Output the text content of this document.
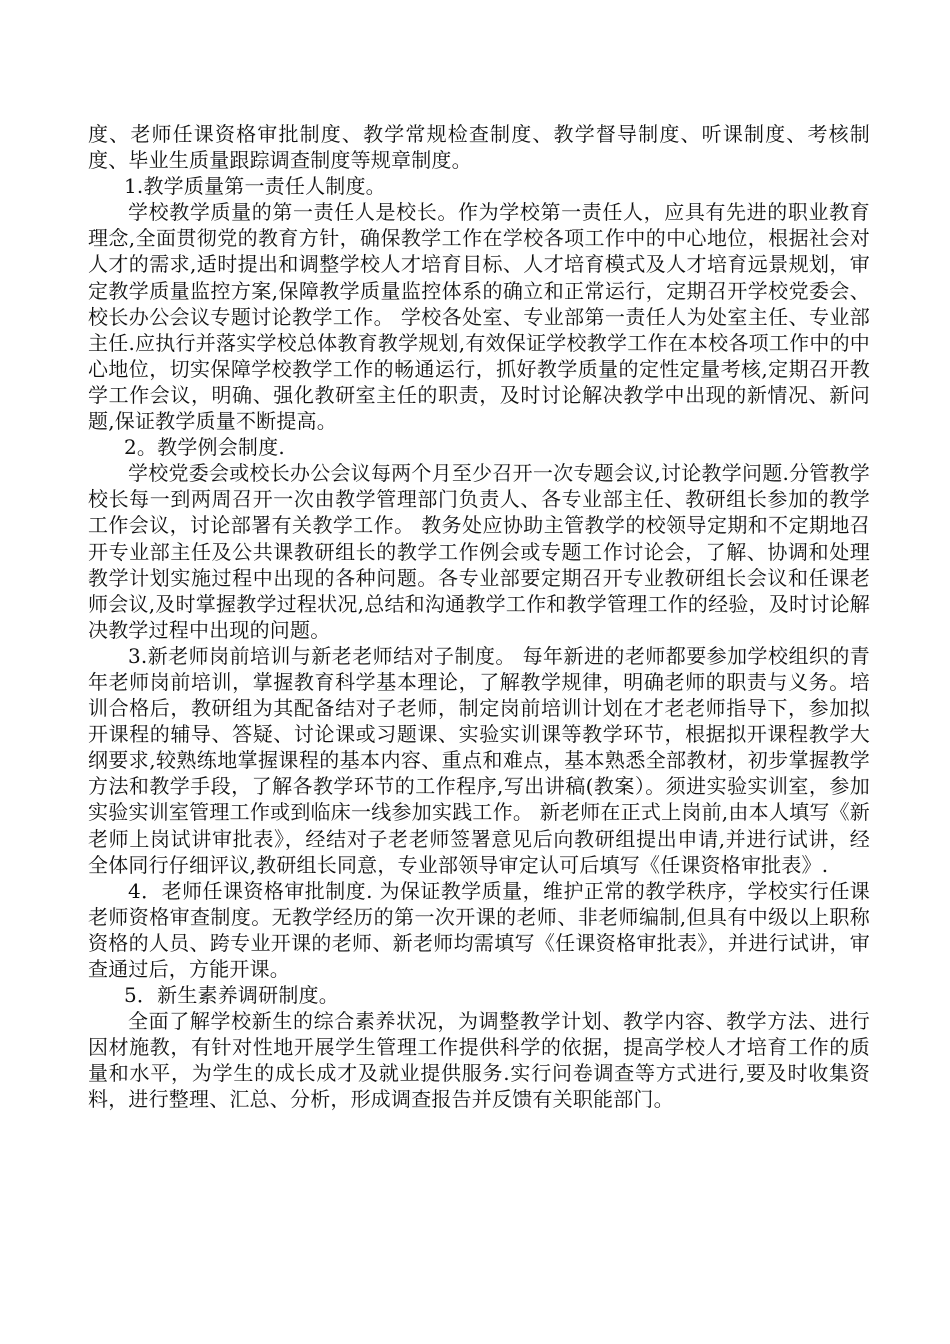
度、老师任课资格审批制度、教学常规检查制度、教学督导制度、听课制度、考核制度、毕业生质量跟踪调查制度等规章制度。

1.教学质量第一责任人制度。

学校教学质量的第一责任人是校长。作为学校第一责任人，应具有先进的职业教育理念,全面贯彻党的教育方针，确保教学工作在学校各项工作中的中心地位，根据社会对人才的需求,适时提出和调整学校人才培育目标、人才培育模式及人才培育远景规划，审定教学质量监控方案,保障教学质量监控体系的确立和正常运行，定期召开学校党委会、校长办公会议专题讨论教学工作。 学校各处室、专业部第一责任人为处室主任、专业部主任.应执行并落实学校总体教育教学规划,有效保证学校教学工作在本校各项工作中的中心地位，切实保障学校教学工作的畅通运行，抓好教学质量的定性定量考核,定期召开教学工作会议，明确、强化教研室主任的职责，及时讨论解决教学中出现的新情况、新问题,保证教学质量不断提高。

2。教学例会制度.

学校党委会或校长办公会议每两个月至少召开一次专题会议,讨论教学问题.分管教学校长每一到两周召开一次由教学管理部门负责人、各专业部主任、教研组长参加的教学工作会议，讨论部署有关教学工作。 教务处应协助主管教学的校领导定期和不定期地召开专业部主任及公共课教研组长的教学工作例会或专题工作讨论会，了解、协调和处理教学计划实施过程中出现的各种问题。各专业部要定期召开专业教研组长会议和任课老师会议,及时掌握教学过程状况,总结和沟通教学工作和教学管理工作的经验，及时讨论解决教学过程中出现的问题。

3.新老师岗前培训与新老老师结对子制度。 每年新进的老师都要参加学校组织的青年老师岗前培训，掌握教育科学基本理论，了解教学规律，明确老师的职责与义务。培训合格后，教研组为其配备结对子老师，制定岗前培训计划在才老老师指导下，参加拟开课程的辅导、答疑、讨论课或习题课、实验实训课等教学环节，根据拟开课程教学大纲要求,较熟练地掌握课程的基本内容、重点和难点，基本熟悉全部教材，初步掌握教学方法和教学手段，了解各教学环节的工作程序,写出讲稿(教案）。须进实验实训室，参加实验实训室管理工作或到临床一线参加实践工作。 新老师在正式上岗前,由本人填写《新老师上岗试讲审批表》，经结对子老老师签署意见后向教研组提出申请,并进行试讲，经全体同行仔细评议,教研组长同意，专业部领导审定认可后填写《任课资格审批表》.

4．老师任课资格审批制度. 为保证教学质量，维护正常的教学秩序，学校实行任课老师资格审查制度。无教学经历的第一次开课的老师、非老师编制,但具有中级以上职称资格的人员、跨专业开课的老师、新老师均需填写《任课资格审批表》，并进行试讲，审查通过后，方能开课。

5．新生素养调研制度。

全面了解学校新生的综合素养状况，为调整教学计划、教学内容、教学方法、进行因材施教，有针对性地开展学生管理工作提供科学的依据，提高学校人才培育工作的质量和水平，为学生的成长成才及就业提供服务.实行问卷调查等方式进行,要及时收集资料，进行整理、汇总、分析，形成调查报告并反馈有关职能部门。
